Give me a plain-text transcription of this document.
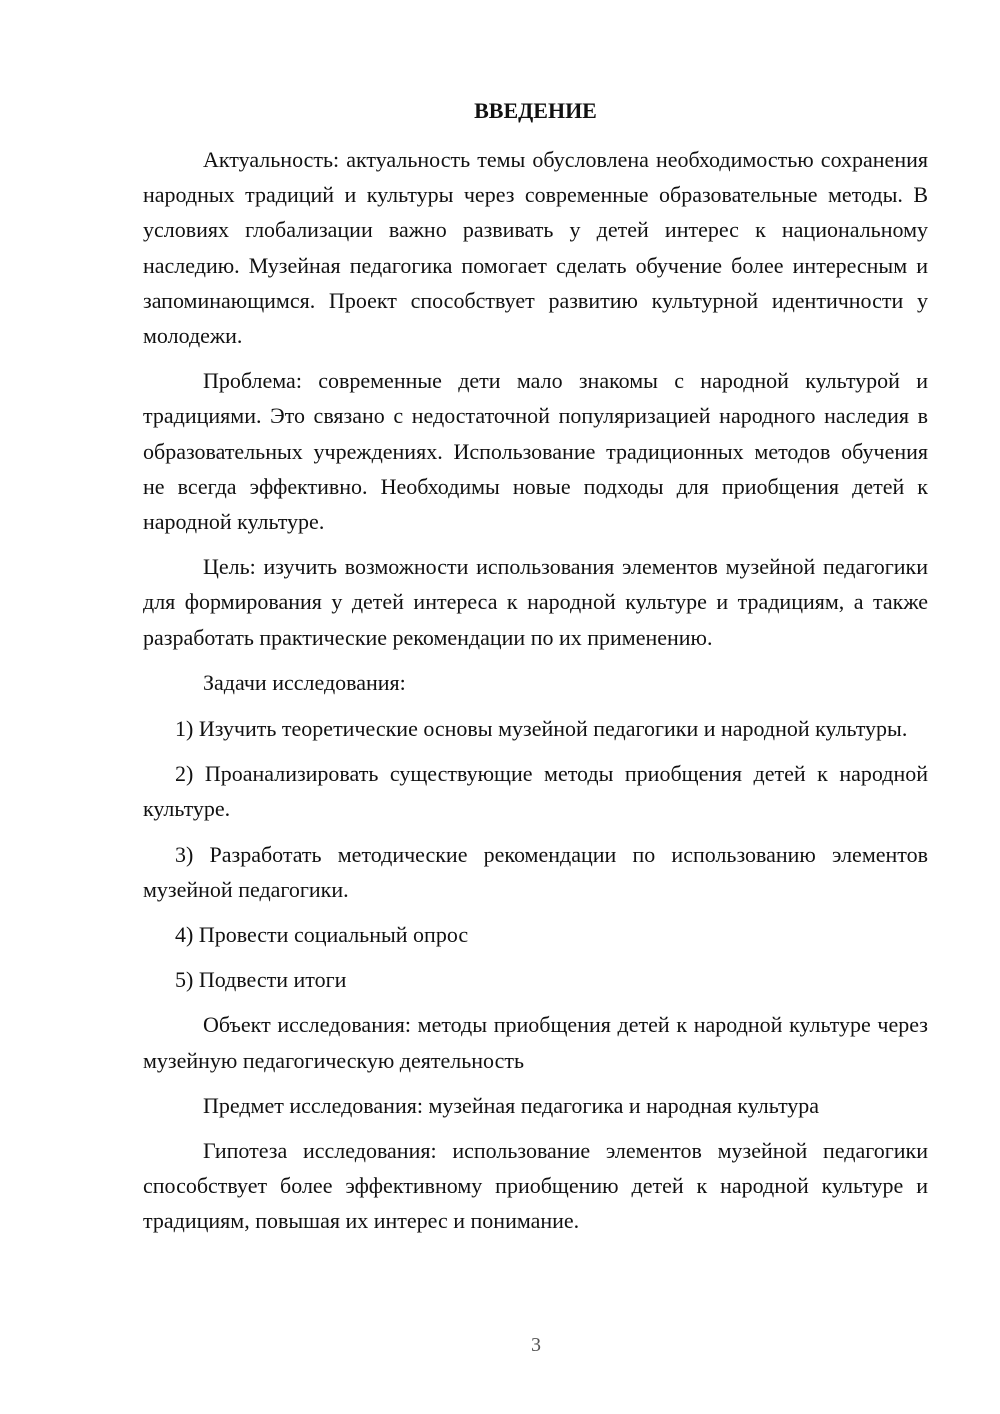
ВВЕДЕНИЕ

Актуальность: актуальность темы обусловлена необходимостью сохранения народных традиций и культуры через современные образовательные методы. В условиях глобализации важно развивать у детей интерес к национальному наследию. Музейная педагогика помогает сделать обучение более интересным и запоминающимся. Проект способствует развитию культурной идентичности у молодежи.

Проблема: современные дети мало знакомы с народной культурой и традициями. Это связано с недостаточной популяризацией народного наследия в образовательных учреждениях. Использование традиционных методов обучения не всегда эффективно. Необходимы новые подходы для приобщения детей к народной культуре.

Цель: изучить возможности использования элементов музейной педагогики для формирования у детей интереса к народной культуре и традициям, а также разработать практические рекомендации по их применению.

Задачи исследования:

1) Изучить теоретические основы музейной педагогики и народной культуры.

2) Проанализировать существующие методы приобщения детей к народной культуре.

3) Разработать методические рекомендации по использованию элементов музейной педагогики.

4) Провести социальный опрос

5) Подвести итоги

Объект исследования: методы приобщения детей к народной культуре через музейную педагогическую деятельность

Предмет исследования: музейная педагогика и народная культура

Гипотеза исследования: использование элементов музейной педагогики способствует более эффективному приобщению детей к народной культуре и традициям, повышая их интерес и понимание.

3
